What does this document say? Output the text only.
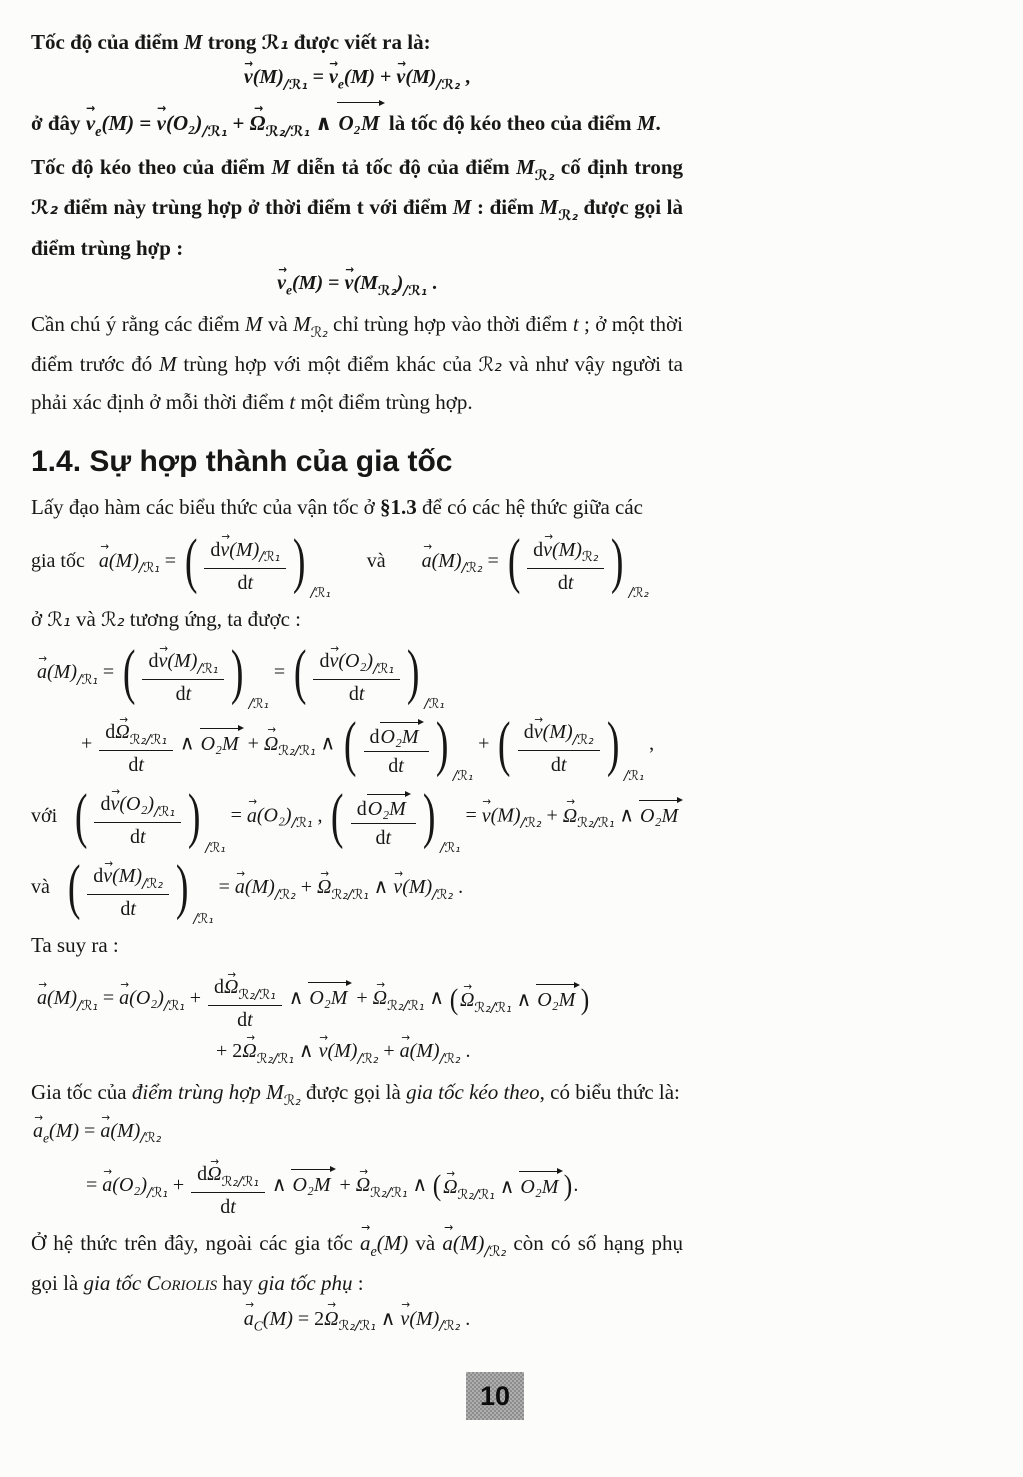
Tốc độ của điểm M trong ℛ₁ được viết ra là:
$v \to(M)_{/ℛ_1} = v \to_e(M) + v \to(M)_{/ℛ_2}$ ,
ở đây $v \to_e(M) = v \to(O_2)_{/ℛ_1} + \Omega \to_{ℛ_2/ℛ_1}$ ∧ O₂M là tốc độ kéo theo của điểm M.
Tốc độ kéo theo của điểm M diễn tả tốc độ của điểm $M_{ℛ_2}$ cố định trong ℛ₂ điểm này trùng hợp ở thời điểm t với điểm M : điểm $M_{ℛ_2}$ được gọi là điểm trùng hợp :
$v \to_e(M) = v \to(M_{ℛ_2})_{/ℛ_1}$ .
Cần chú ý rằng các điểm M và $M_{ℛ_2}$ chỉ trùng hợp vào thời điểm t ; ở một thời điểm trước đó M trùng hợp với một điểm khác của ℛ₂ và như vậy người ta phải xác định ở mỗi thời điểm t một điểm trùng hợp.
1.4. Sự hợp thành của gia tốc
Lấy đạo hàm các biểu thức của vận tốc ở §1.3 để có các hệ thức giữa các
gia tốc $a \to(M)_{/ℛ_1}$ = ( $\frac{dv \to(M)_{/ℛ_1}}{dt}$ ) /ℛ₁
và $a \to(M)_{/ℛ_2}$ = ( $\frac{dv \to(M)_{ℛ_2}}{dt}$ ) /ℛ₂
ở ℛ₁ và ℛ₂ tương ứng, ta được :
$a \to(M)_{/ℛ_1}$ = ( $\frac{dv \to(M)_{/ℛ_1}}{dt}$ ) /ℛ₁
= ( $\frac{dv \to(O_2)_{/ℛ_1}}{dt}$ ) /ℛ₁
+ $\frac{d\Omega \to_{ℛ_2/ℛ_1}}{dt}$ ∧ $O_2M + \Omega \to_{ℛ_2/ℛ_1}$ ∧ ( $\frac{\text{dO₂M}}{dt}$ ) /ℛ₁
+ ( $\frac{dv \to(M)_{/ℛ_2}}{dt}$ ) /ℛ₁
,
với ( $\frac{dv \to(O_2)_{/ℛ_1}}{dt}$ ) /ℛ₁
= $a \to(O_2)_{/ℛ_1}$ , ( $\frac{\text{dO₂M}}{dt}$ ) /ℛ₁
= $v \to(M)_{/ℛ_2} + \Omega \to_{ℛ_2/ℛ_1}$ ∧ O₂M
và ( $\frac{dv \to(M)_{/ℛ_2}}{dt}$ ) /ℛ₁
= $a \to(M)_{/ℛ_2} + \Omega \to_{ℛ_2/ℛ_1}$ ∧ $v \to(M)_{/ℛ_2}$ .
Ta suy ra :
$a \to(M)_{/ℛ_1} = a \to(O_2)_{/ℛ_1} + \frac{d\Omega \to_{ℛ_2/ℛ_1}}{dt}$ ∧ $O_2M + \Omega \to_{ℛ_2/ℛ_1}$ ∧ ( $\Omega \to_{ℛ_2/ℛ_1}$ ∧ O₂M )
+ $2\Omega \to_{ℛ_2/ℛ_1}$ ∧ $v \to(M)_{/ℛ_2} + a \to(M)_{/ℛ_2}$ .
Gia tốc của điểm trùng hợp $M_{ℛ_2}$ được gọi là gia tốc kéo theo, có biểu thức là:
$a \to_e(M) = a \to(M)_{/ℛ_2}$
= $a \to(O_2)_{/ℛ_1} + \frac{d\Omega \to_{ℛ_2/ℛ_1}}{dt}$ ∧ $O_2M + \Omega \to_{ℛ_2/ℛ_1}$ ∧ ( $\Omega \to_{ℛ_2/ℛ_1}$ ∧ O₂M ) .
Ở hệ thức trên đây, ngoài các gia tốc $a \to_e(M)$ và $a \to(M)_{/ℛ_2}$ còn có số hạng phụ gọi là gia tốc Coriolis hay gia tốc phụ :
$a \to_C(M) = 2\Omega \to_{ℛ_2/ℛ_1}$ ∧ $v \to(M)_{/ℛ_2}$ .
10
